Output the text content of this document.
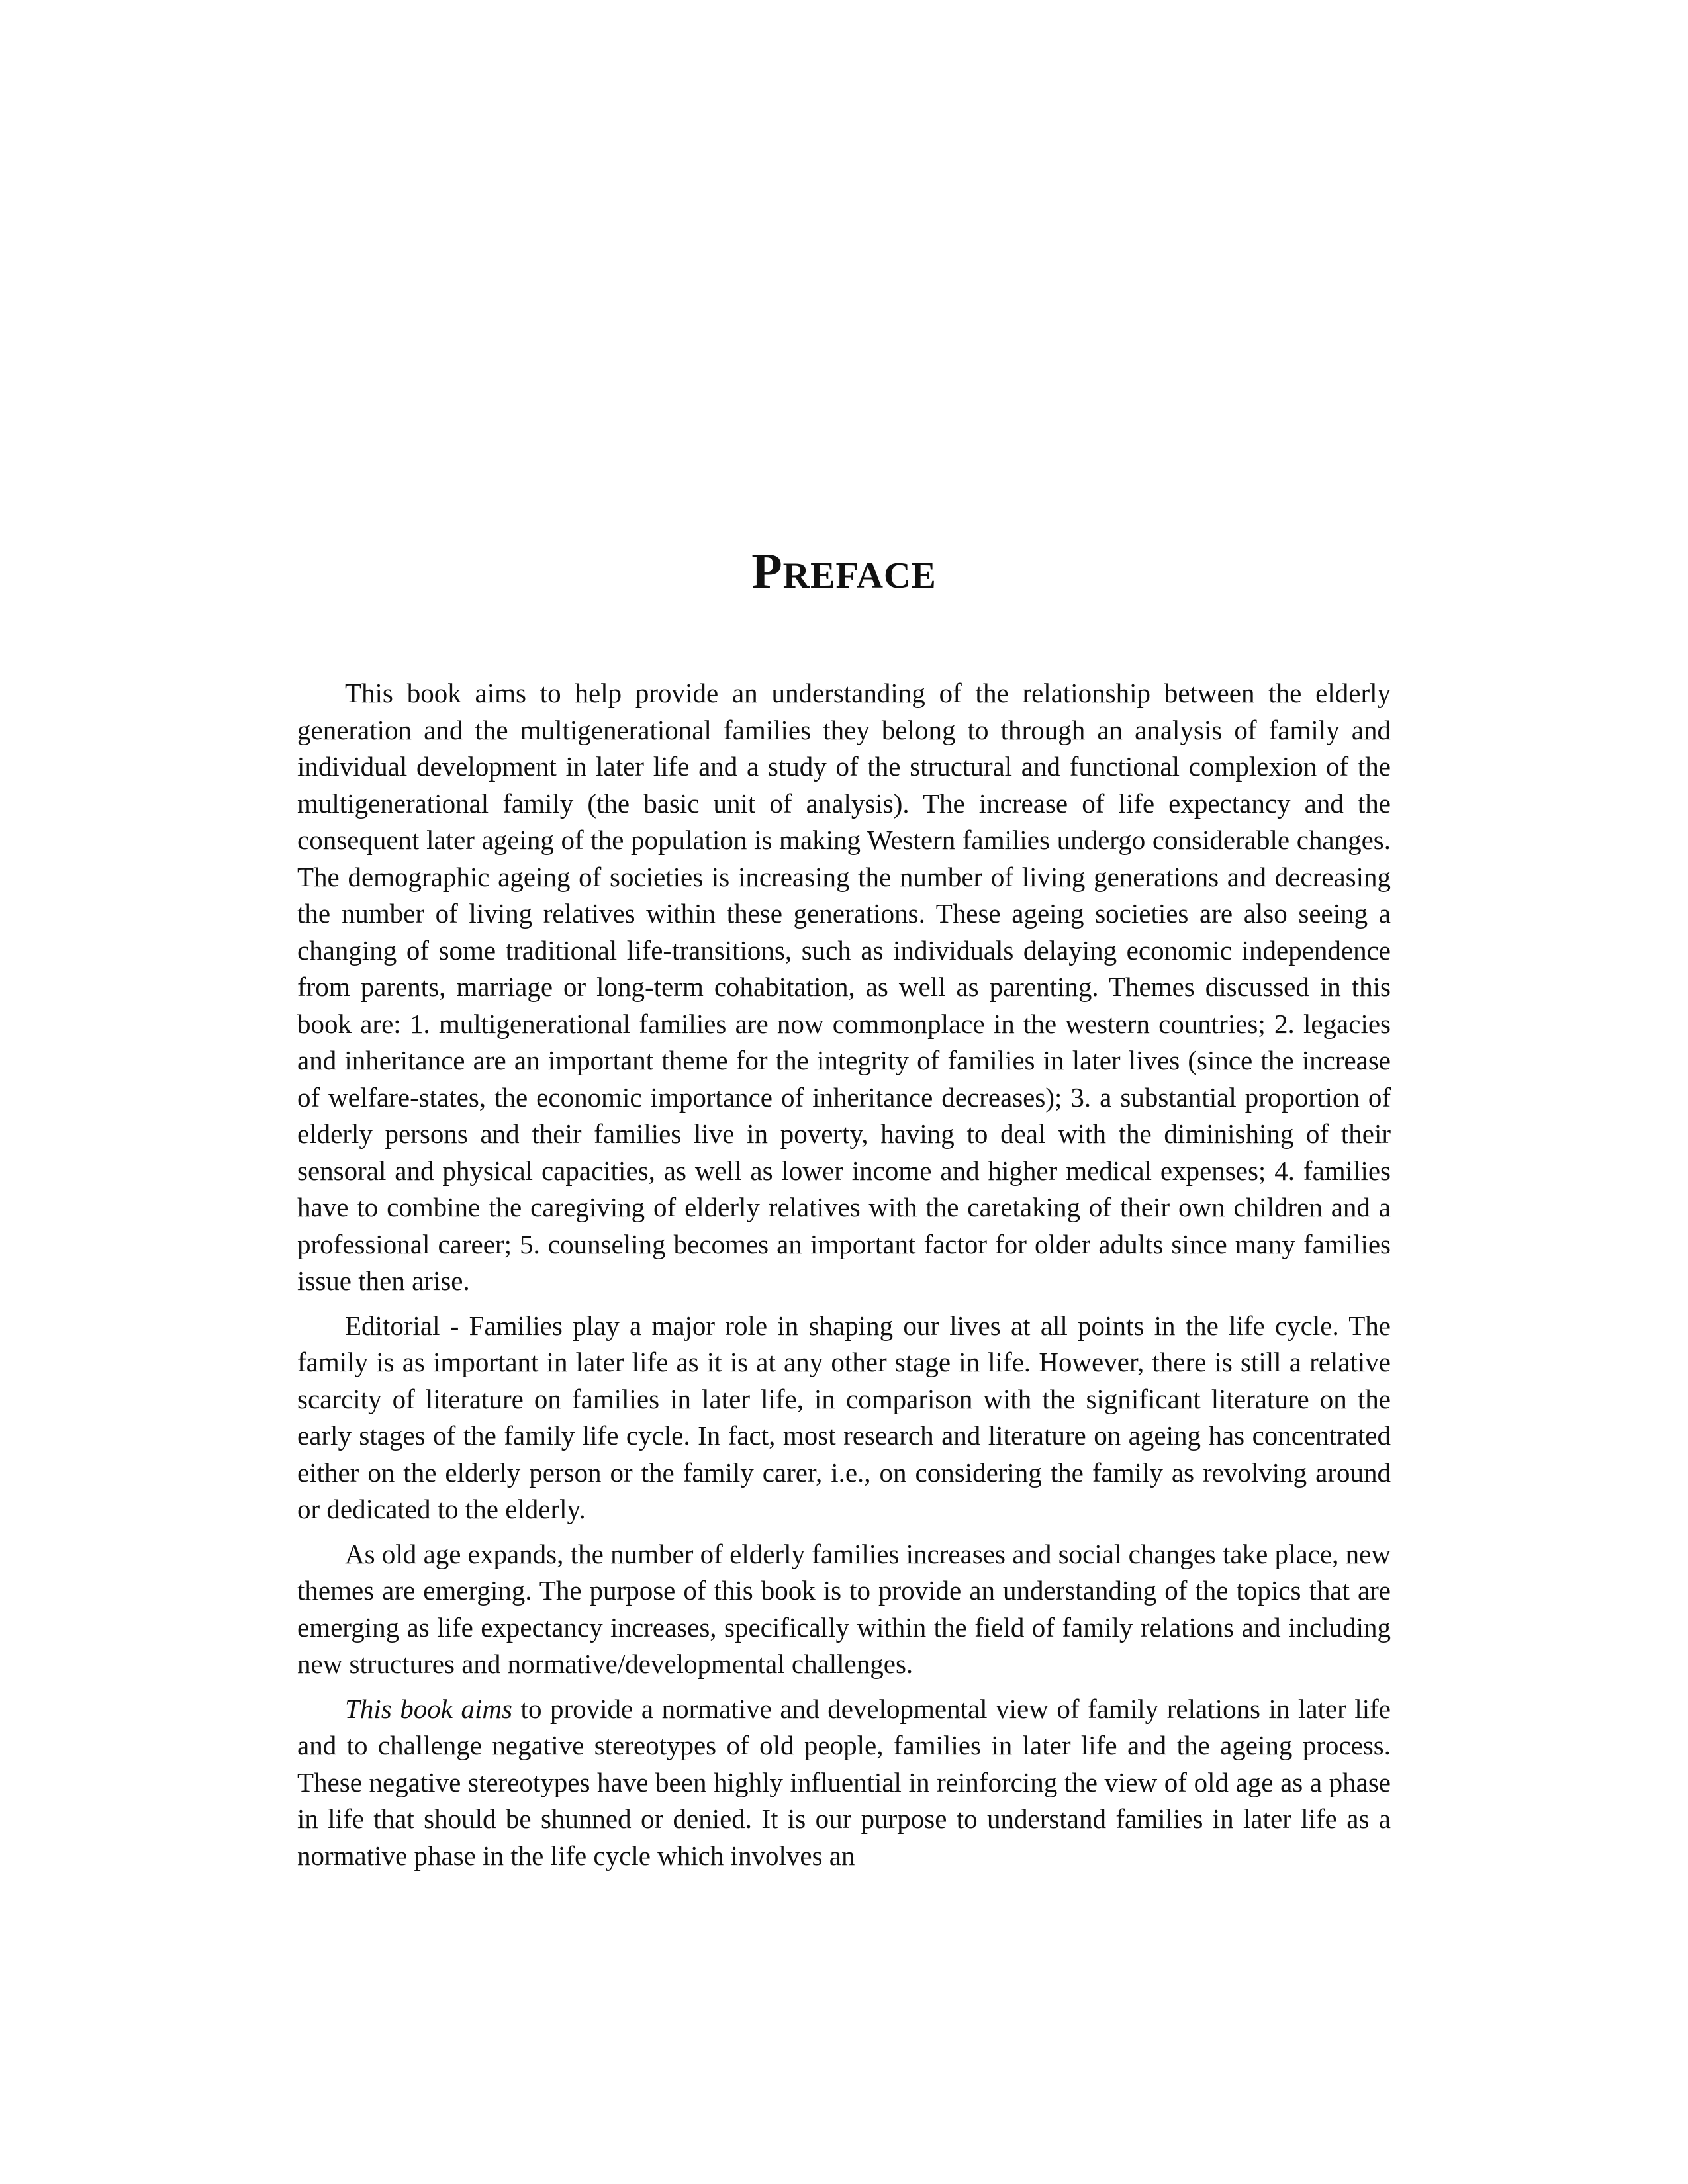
PREFACE

This book aims to help provide an understanding of the relationship between the elderly generation and the multigenerational families they belong to through an analysis of family and individual development in later life and a study of the structural and functional complexion of the multigenerational family (the basic unit of analysis). The increase of life expectancy and the consequent later ageing of the population is making Western families undergo considerable changes. The demographic ageing of societies is increasing the number of living generations and decreasing the number of living relatives within these generations. These ageing societies are also seeing a changing of some traditional life-transitions, such as individuals delaying economic independence from parents, marriage or long-term cohabitation, as well as parenting. Themes discussed in this book are: 1. multigenerational families are now commonplace in the western countries; 2. legacies and inheritance are an important theme for the integrity of families in later lives (since the increase of welfare-states, the economic importance of inheritance decreases); 3. a substantial proportion of elderly persons and their families live in poverty, having to deal with the diminishing of their sensoral and physical capacities, as well as lower income and higher medical expenses; 4. families have to combine the caregiving of elderly relatives with the caretaking of their own children and a professional career; 5. counseling becomes an important factor for older adults since many families issue then arise.

Editorial - Families play a major role in shaping our lives at all points in the life cycle. The family is as important in later life as it is at any other stage in life. However, there is still a relative scarcity of literature on families in later life, in comparison with the significant literature on the early stages of the family life cycle. In fact, most research and literature on ageing has concentrated either on the elderly person or the family carer, i.e., on considering the family as revolving around or dedicated to the elderly.

As old age expands, the number of elderly families increases and social changes take place, new themes are emerging. The purpose of this book is to provide an understanding of the topics that are emerging as life expectancy increases, specifically within the field of family relations and including new structures and normative/developmental challenges.

This book aims to provide a normative and developmental view of family relations in later life and to challenge negative stereotypes of old people, families in later life and the ageing process. These negative stereotypes have been highly influential in reinforcing the view of old age as a phase in life that should be shunned or denied. It is our purpose to understand families in later life as a normative phase in the life cycle which involves an
